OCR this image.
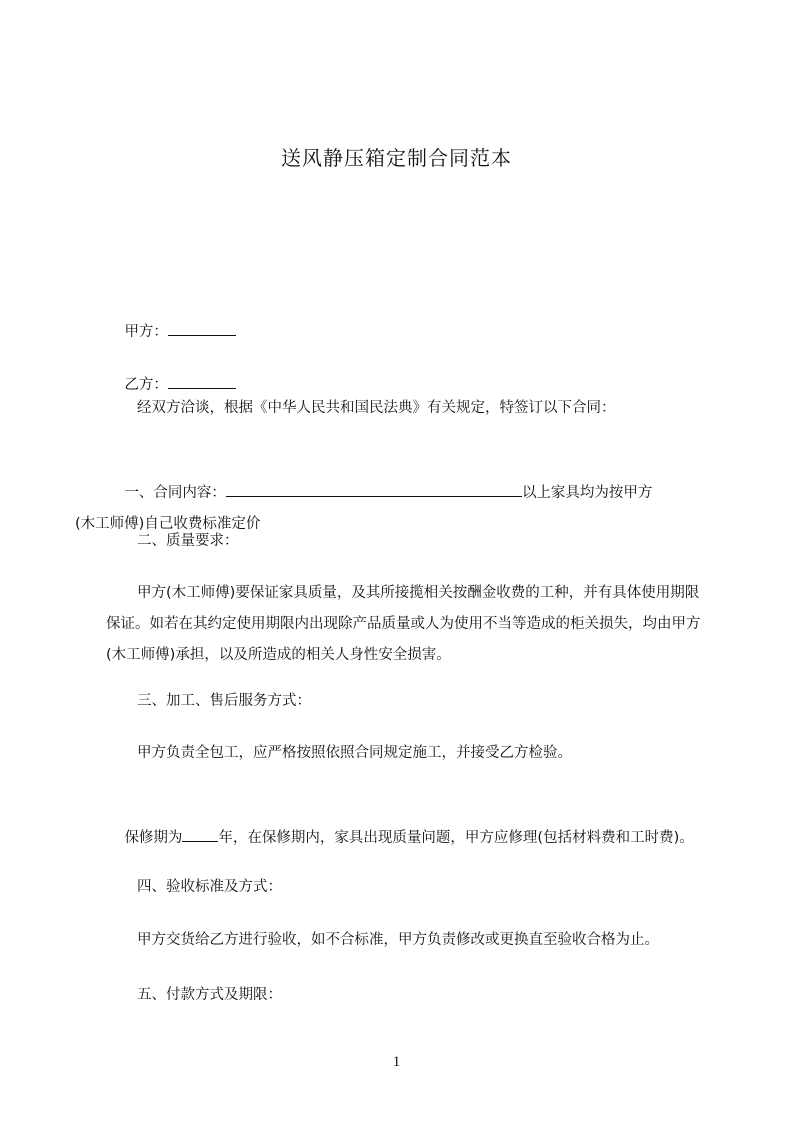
送风静压箱定制合同范本

甲方：

乙方：

经双方洽谈，根据《中华人民共和国民法典》有关规定，特签订以下合同：

一、合同内容：	以上家具均为按甲方
(木工师傅)自己收费标准定价

二、质量要求：
甲方(木工师傅)要保证家具质量，及其所接揽相关按酬金收费的工种，并有具体使用期限保证。如若在其约定使用期限内出现除产品质量或人为使用不当等造成的柜关损失，均由甲方(木工师傅)承担，以及所造成的相关人身性安全损害。
三、加工、售后服务方式：
甲方负责全包工，应严格按照依照合同规定施工，并接受乙方检验。

保修期为 年，在保修期内，家具出现质量问题，甲方应修理(包括材料费和工时费)。

四、验收标准及方式：
甲方交货给乙方进行验收，如不合标准，甲方负责修改或更换直至验收合格为止。
五、付款方式及期限：
1
